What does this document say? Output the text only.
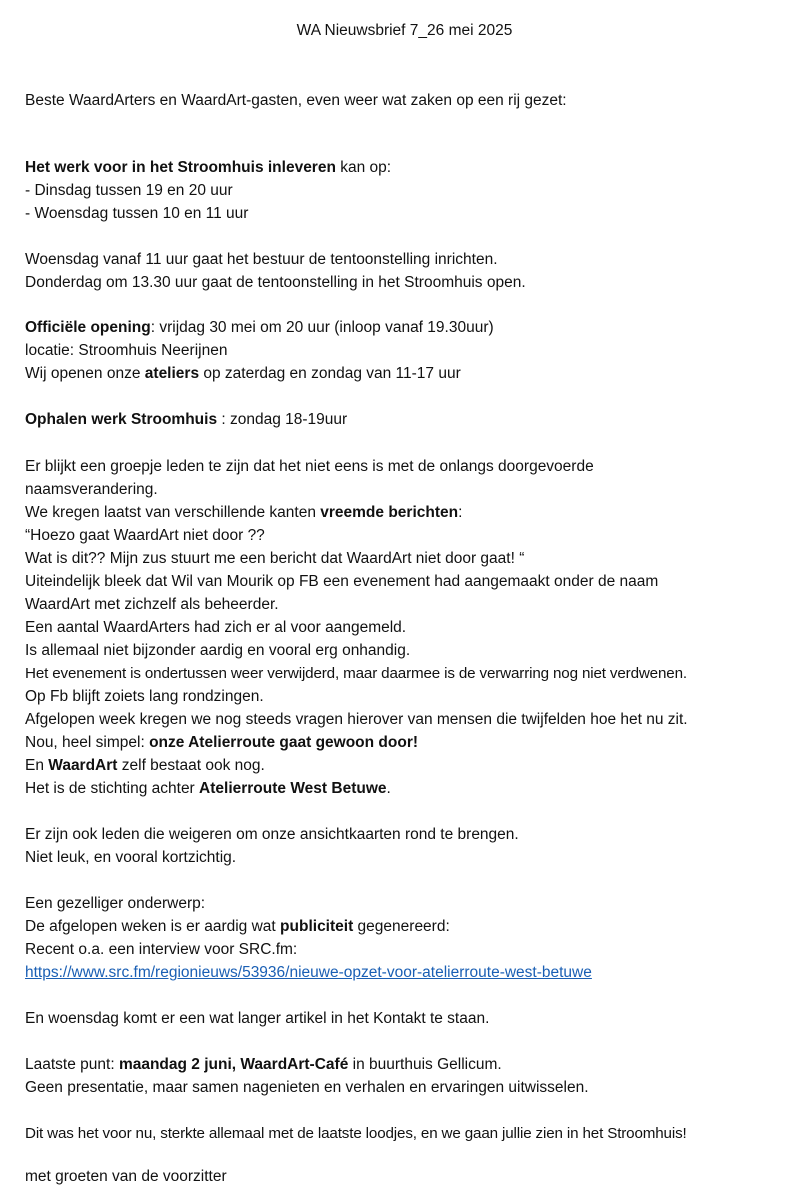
WA Nieuwsbrief 7_26 mei 2025
Beste WaardArters en WaardArt-gasten, even weer wat zaken op een rij gezet:
Het werk voor in het Stroomhuis inleveren kan op:
- Dinsdag tussen 19 en 20 uur
- Woensdag tussen 10 en 11 uur
Woensdag vanaf 11 uur gaat het bestuur de tentoonstelling inrichten.
Donderdag om 13.30 uur gaat de tentoonstelling in het Stroomhuis open.
Officiële opening: vrijdag 30 mei om 20 uur (inloop vanaf 19.30uur)
locatie: Stroomhuis Neerijnen
Wij openen onze ateliers op zaterdag en zondag van 11-17 uur
Ophalen werk Stroomhuis : zondag 18-19uur
Er blijkt een groepje leden te zijn dat het niet eens is met de onlangs doorgevoerde
naamsverandering.
We kregen laatst van verschillende kanten vreemde berichten:
“Hoezo gaat WaardArt niet door ??
Wat is dit?? Mijn zus stuurt me een bericht dat WaardArt niet door gaat! “
Uiteindelijk bleek dat Wil van Mourik op FB een evenement had aangemaakt onder de naam
WaardArt met zichzelf als beheerder.
Een aantal WaardArters had zich er al voor aangemeld.
Is allemaal niet bijzonder aardig en vooral erg onhandig.
Het evenement is ondertussen weer verwijderd, maar daarmee is de verwarring nog niet verdwenen.
Op Fb blijft zoiets lang rondzingen.
Afgelopen week kregen we nog steeds vragen hierover van mensen die twijfelden hoe het nu zit.
Nou, heel simpel: onze Atelierroute gaat gewoon door!
En WaardArt zelf bestaat ook nog.
Het is de stichting achter Atelierroute West Betuwe.
Er zijn ook leden die weigeren om onze ansichtkaarten rond te brengen.
Niet leuk, en vooral kortzichtig.
Een gezelliger onderwerp:
De afgelopen weken is er aardig wat publiciteit gegenereerd:
Recent o.a. een interview voor SRC.fm:
https://www.src.fm/regionieuws/53936/nieuwe-opzet-voor-atelierroute-west-betuwe
En woensdag komt er een wat langer artikel in het Kontakt te staan.
Laatste punt: maandag 2 juni, WaardArt-Café in buurthuis Gellicum.
Geen presentatie, maar samen nagenieten en verhalen en ervaringen uitwisselen.
Dit was het voor nu, sterkte allemaal met de laatste loodjes, en we gaan jullie zien in het Stroomhuis!
met groeten van de voorzitter
